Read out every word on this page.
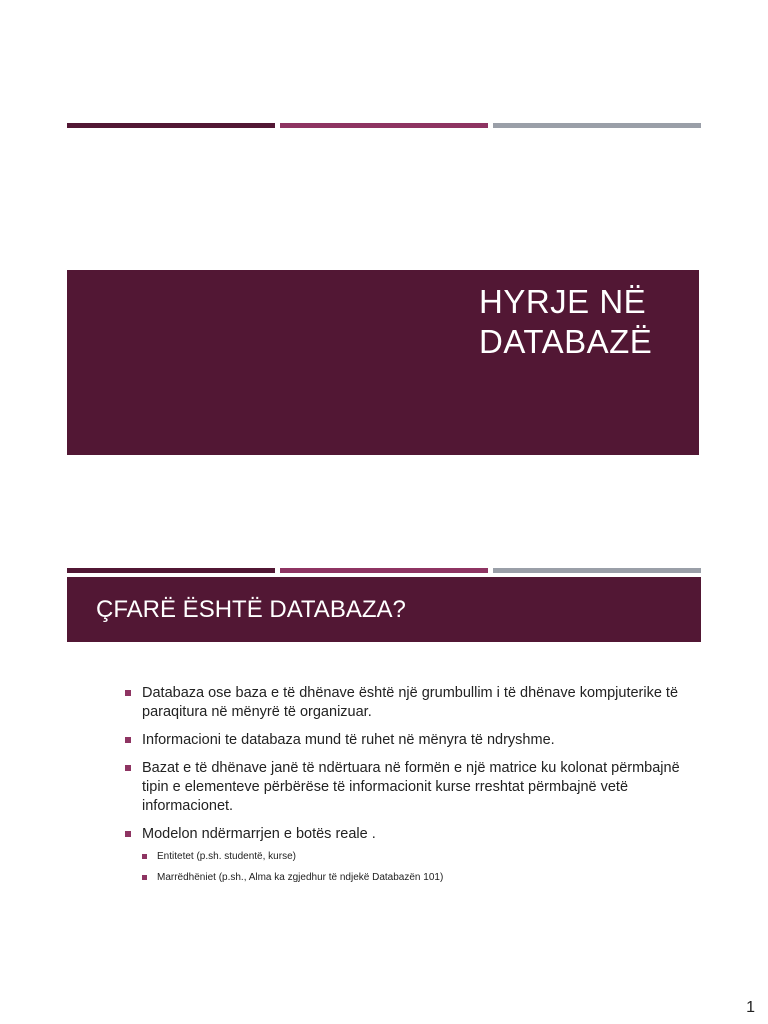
HYRJE NË
DATABAZË
ÇFARË ËSHTË DATABAZA?
Databaza ose baza e të dhënave është një grumbullim i të dhënave kompjuterike të paraqitura në mënyrë të organizuar.
Informacioni te databaza mund të ruhet në mënyra të ndryshme.
Bazat e të dhënave janë të ndërtuara në formën e një matrice ku kolonat përmbajnë tipin e elementeve përbërëse të informacionit kurse rreshtat përmbajnë vetë informacionet.
Modelon ndërmarrjen e botës reale .
Entitetet (p.sh. studentë, kurse)
Marrëdhëniet (p.sh., Alma ka zgjedhur të ndjekë Databazën 101)
1
